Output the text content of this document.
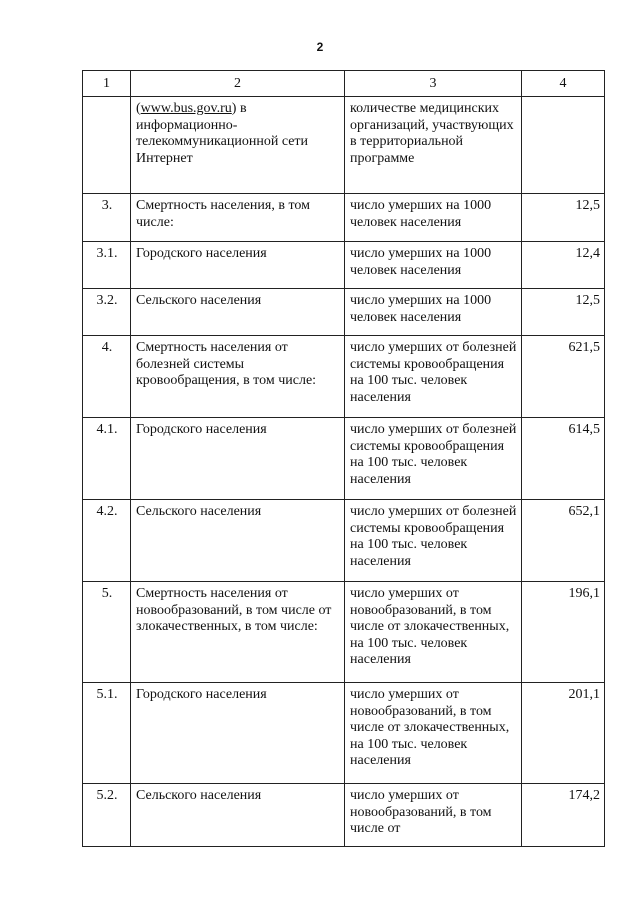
2
1	2	3	4
	(www.bus.gov.ru) в информационно-телекоммуникационной сети Интернет	количестве медицинских организаций, участвующих в территориальной программе	
3.	Смертность населения, в том числе:	число умерших на 1000 человек населения	12,5
3.1.	Городского населения	число умерших на 1000 человек населения	12,4
3.2.	Сельского населения	число умерших на 1000 человек населения	12,5
4.	Смертность населения от болезней системы кровообращения, в том числе:	число умерших от болезней системы кровообращения на 100 тыс. человек населения	621,5
4.1.	Городского населения	число умерших от болезней системы кровообращения на 100 тыс. человек населения	614,5
4.2.	Сельского населения	число умерших от болезней системы кровообращения на 100 тыс. человек населения	652,1
5.	Смертность населения от новообразований, в том числе от злокачественных, в том числе:	число умерших от новообразований, в том числе от злокачественных, на 100 тыс. человек населения	196,1
5.1.	Городского населения	число умерших от новообразований, в том числе от злокачественных, на 100 тыс. человек населения	201,1
5.2.	Сельского населения	число умерших от новообразований, в том числе от	174,2
